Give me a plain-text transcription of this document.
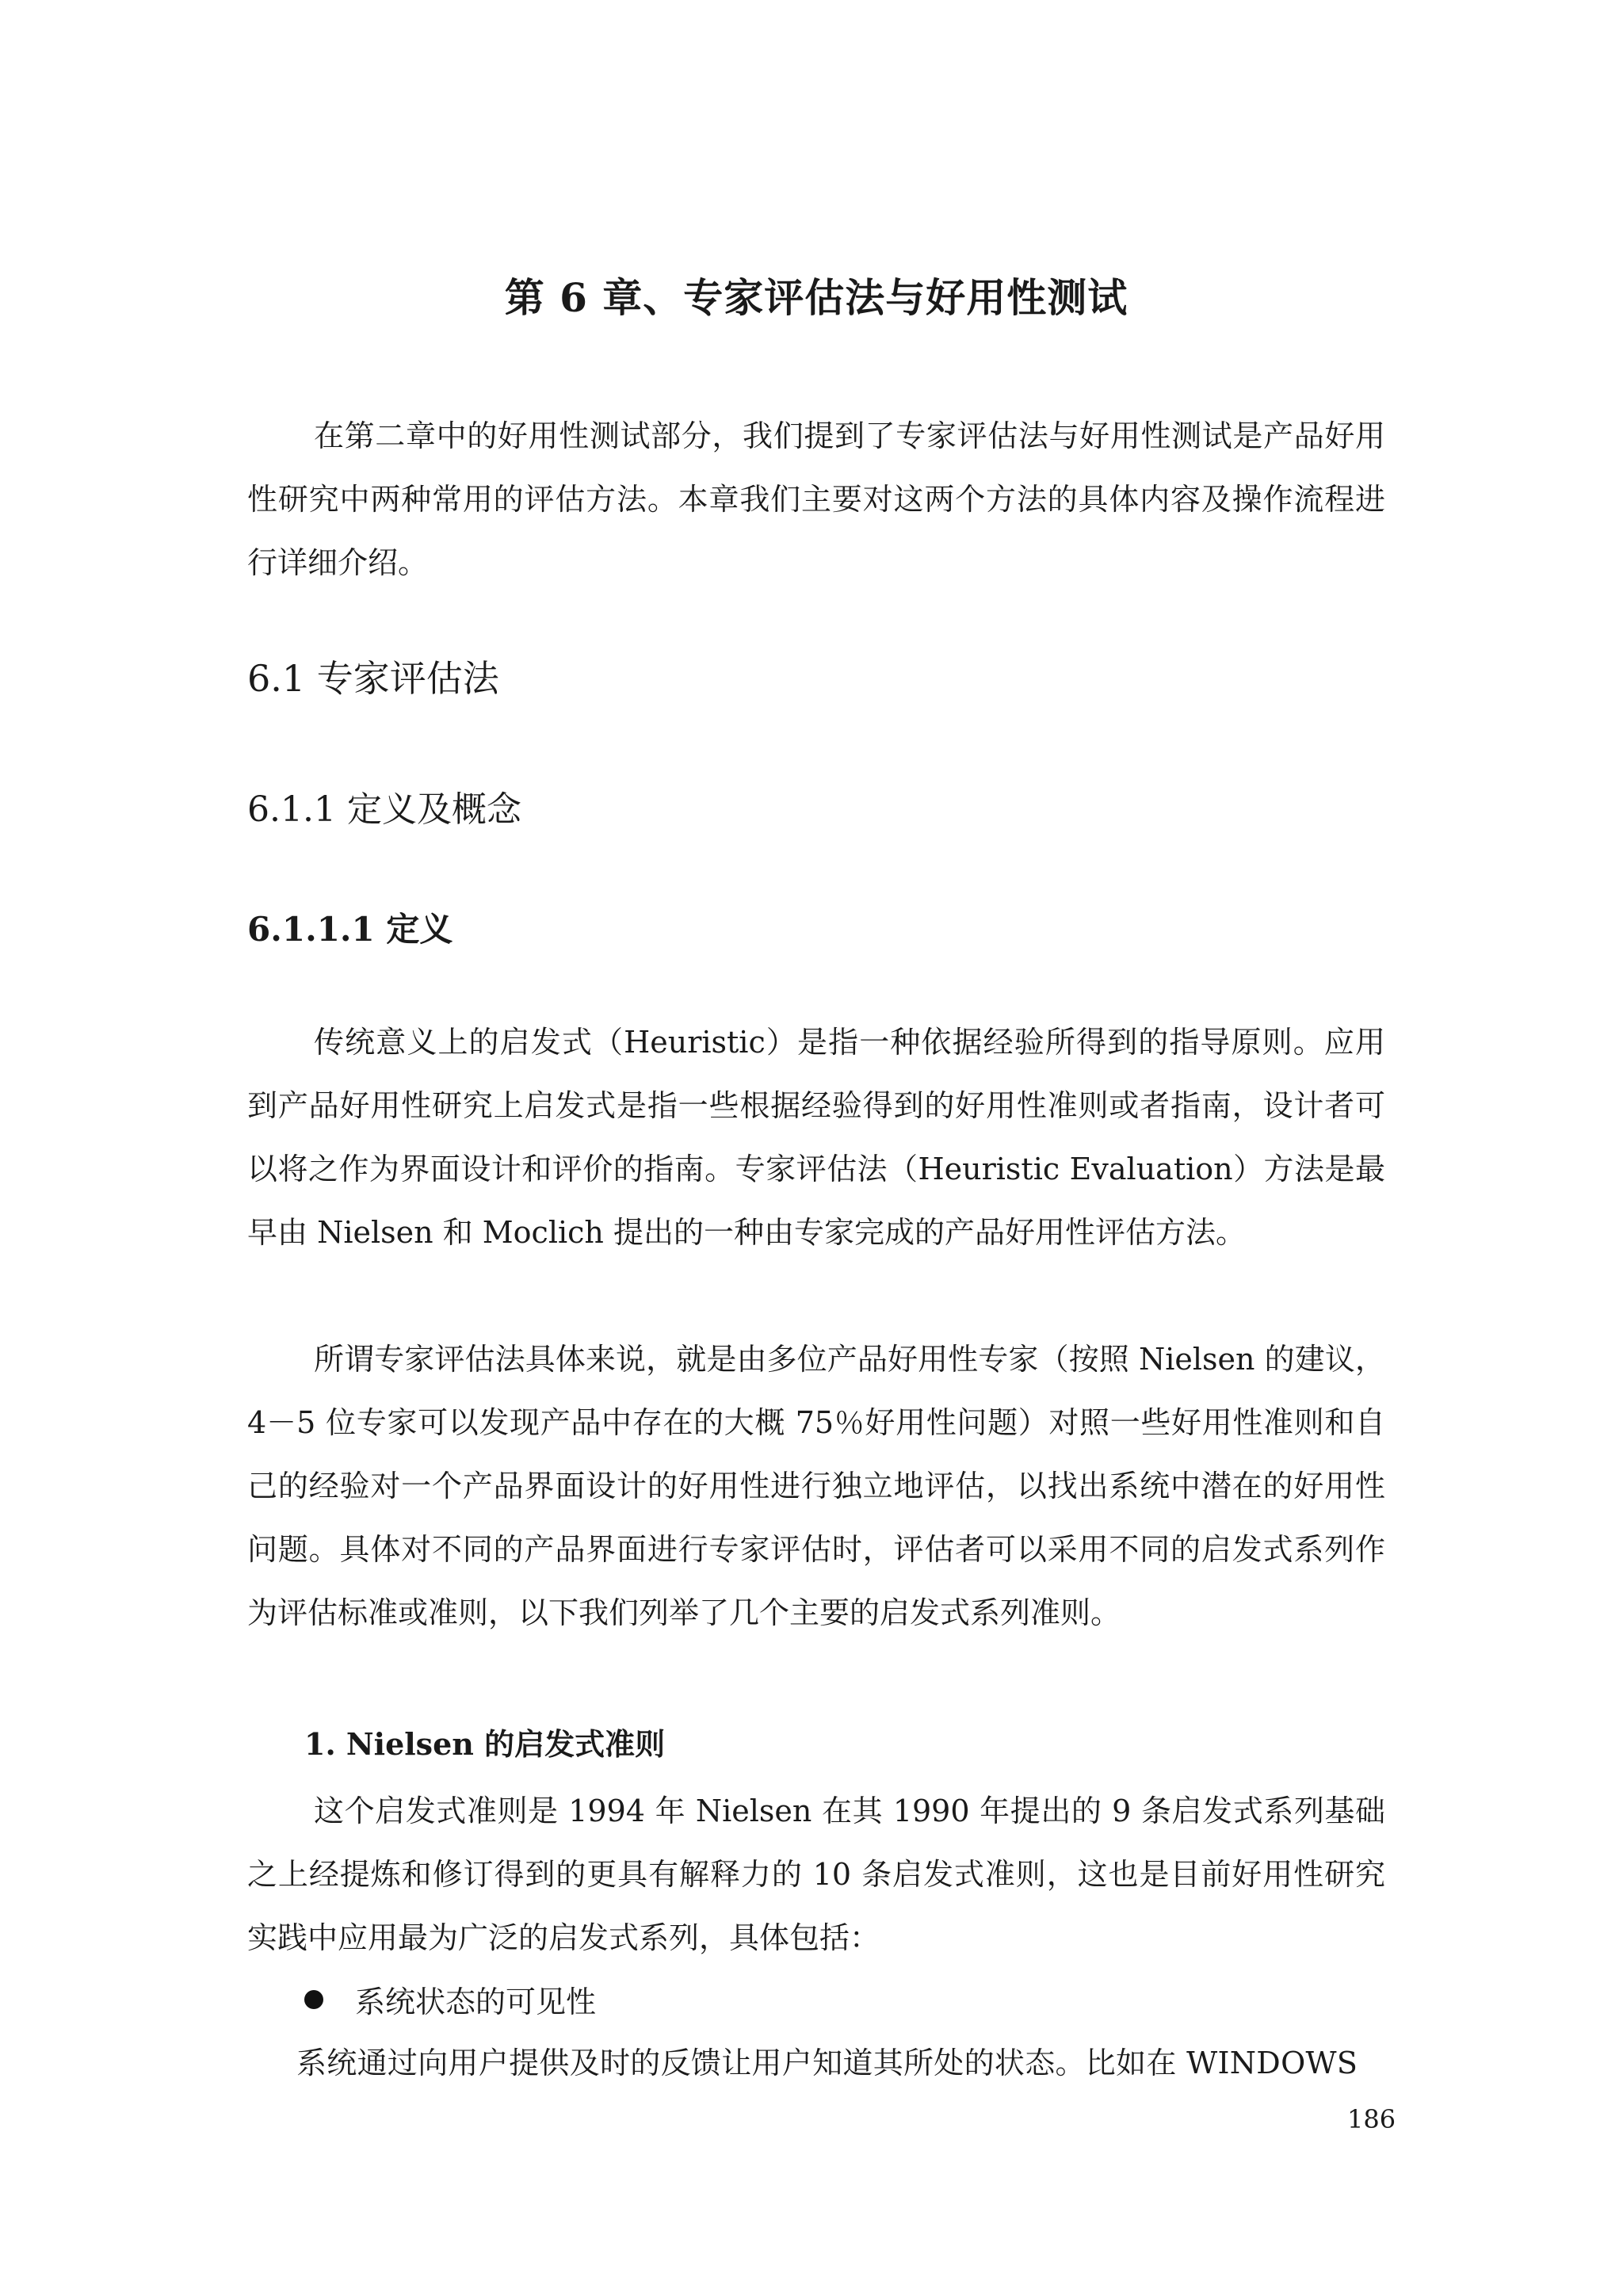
第 6 章、专家评估法与好用性测试

在第二章中的好用性测试部分，我们提到了专家评估法与好用性测试是产品好用性研究中两种常用的评估方法。本章我们主要对这两个方法的具体内容及操作流程进行详细介绍。

6.1 专家评估法
6.1.1 定义及概念
6.1.1.1 定义

传统意义上的启发式（Heuristic）是指一种依据经验所得到的指导原则。应用到产品好用性研究上启发式是指一些根据经验得到的好用性准则或者指南，设计者可以将之作为界面设计和评价的指南。专家评估法（Heuristic Evaluation）方法是最早由 Nielsen 和 Moclich 提出的一种由专家完成的产品好用性评估方法。

所谓专家评估法具体来说，就是由多位产品好用性专家（按照 Nielsen 的建议，4－5 位专家可以发现产品中存在的大概 75％好用性问题）对照一些好用性准则和自己的经验对一个产品界面设计的好用性进行独立地评估，以找出系统中潜在的好用性问题。具体对不同的产品界面进行专家评估时，评估者可以采用不同的启发式系列作为评估标准或准则，以下我们列举了几个主要的启发式系列准则。

1. Nielsen 的启发式准则

这个启发式准则是 1994 年 Nielsen 在其 1990 年提出的 9 条启发式系列基础之上经提炼和修订得到的更具有解释力的 10 条启发式准则，这也是目前好用性研究实践中应用最为广泛的启发式系列，具体包括：

系统状态的可见性
系统通过向用户提供及时的反馈让用户知道其所处的状态。比如在 WINDOWS
186
